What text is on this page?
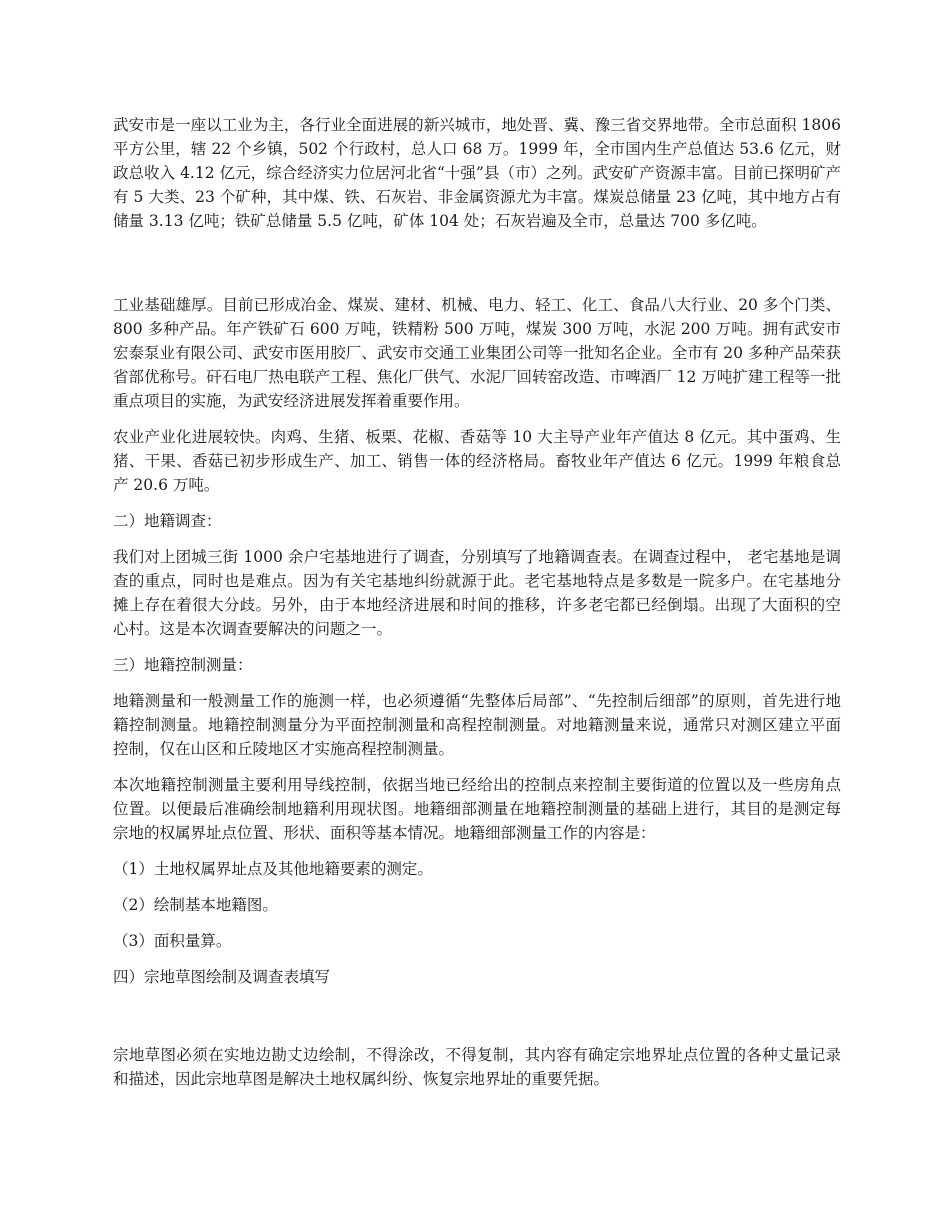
武安市是一座以工业为主，各行业全面进展的新兴城市，地处晋、冀、豫三省交界地带。全市总面积 1806 平方公里，辖 22 个乡镇，502 个行政村，总人口 68 万。1999 年，全市国内生产总值达 53.6 亿元，财政总收入 4.12 亿元，综合经济实力位居河北省“十强”县（市）之列。武安矿产资源丰富。目前已探明矿产有 5 大类、23 个矿种，其中煤、铁、石灰岩、非金属资源尤为丰富。煤炭总储量 23 亿吨，其中地方占有储量 3.13 亿吨；铁矿总储量 5.5 亿吨，矿体 104 处；石灰岩遍及全市，总量达 700 多亿吨。

工业基础雄厚。目前已形成冶金、煤炭、建材、机械、电力、轻工、化工、食品八大行业、20 多个门类、800 多种产品。年产铁矿石 600 万吨，铁精粉 500 万吨，煤炭 300 万吨，水泥 200 万吨。拥有武安市宏泰泵业有限公司、武安市医用胶厂、武安市交通工业集团公司等一批知名企业。全市有 20 多种产品荣获省部优称号。矸石电厂热电联产工程、焦化厂供气、水泥厂回转窑改造、市啤酒厂 12 万吨扩建工程等一批重点项目的实施，为武安经济进展发挥着重要作用。

农业产业化进展较快。肉鸡、生猪、板栗、花椒、香菇等 10 大主导产业年产值达 8 亿元。其中蛋鸡、生猪、干果、香菇已初步形成生产、加工、销售一体的经济格局。畜牧业年产值达 6 亿元。1999 年粮食总产 20.6 万吨。

二）地籍调查：

我们对上团城三街 1000 余户宅基地进行了调查，分别填写了地籍调查表。在调查过程中， 老宅基地是调查的重点，同时也是难点。因为有关宅基地纠纷就源于此。老宅基地特点是多数是一院多户。在宅基地分摊上存在着很大分歧。另外，由于本地经济进展和时间的推移，许多老宅都已经倒塌。出现了大面积的空心村。这是本次调查要解决的问题之一。

三）地籍控制测量：

地籍测量和一般测量工作的施测一样，也必须遵循“先整体后局部”、“先控制后细部”的原则，首先进行地籍控制测量。地籍控制测量分为平面控制测量和高程控制测量。对地籍测量来说，通常只对测区建立平面控制，仅在山区和丘陵地区才实施高程控制测量。

本次地籍控制测量主要利用导线控制，依据当地已经给出的控制点来控制主要街道的位置以及一些房角点位置。以便最后准确绘制地籍利用现状图。地籍细部测量在地籍控制测量的基础上进行，其目的是测定每宗地的权属界址点位置、形状、面积等基本情况。地籍细部测量工作的内容是：

（1）土地权属界址点及其他地籍要素的测定。

（2）绘制基本地籍图。

（3）面积量算。

四）宗地草图绘制及调查表填写

宗地草图必须在实地边勘丈边绘制，不得涂改，不得复制，其内容有确定宗地界址点位置的各种丈量记录和描述，因此宗地草图是解决土地权属纠纷、恢复宗地界址的重要凭据。
